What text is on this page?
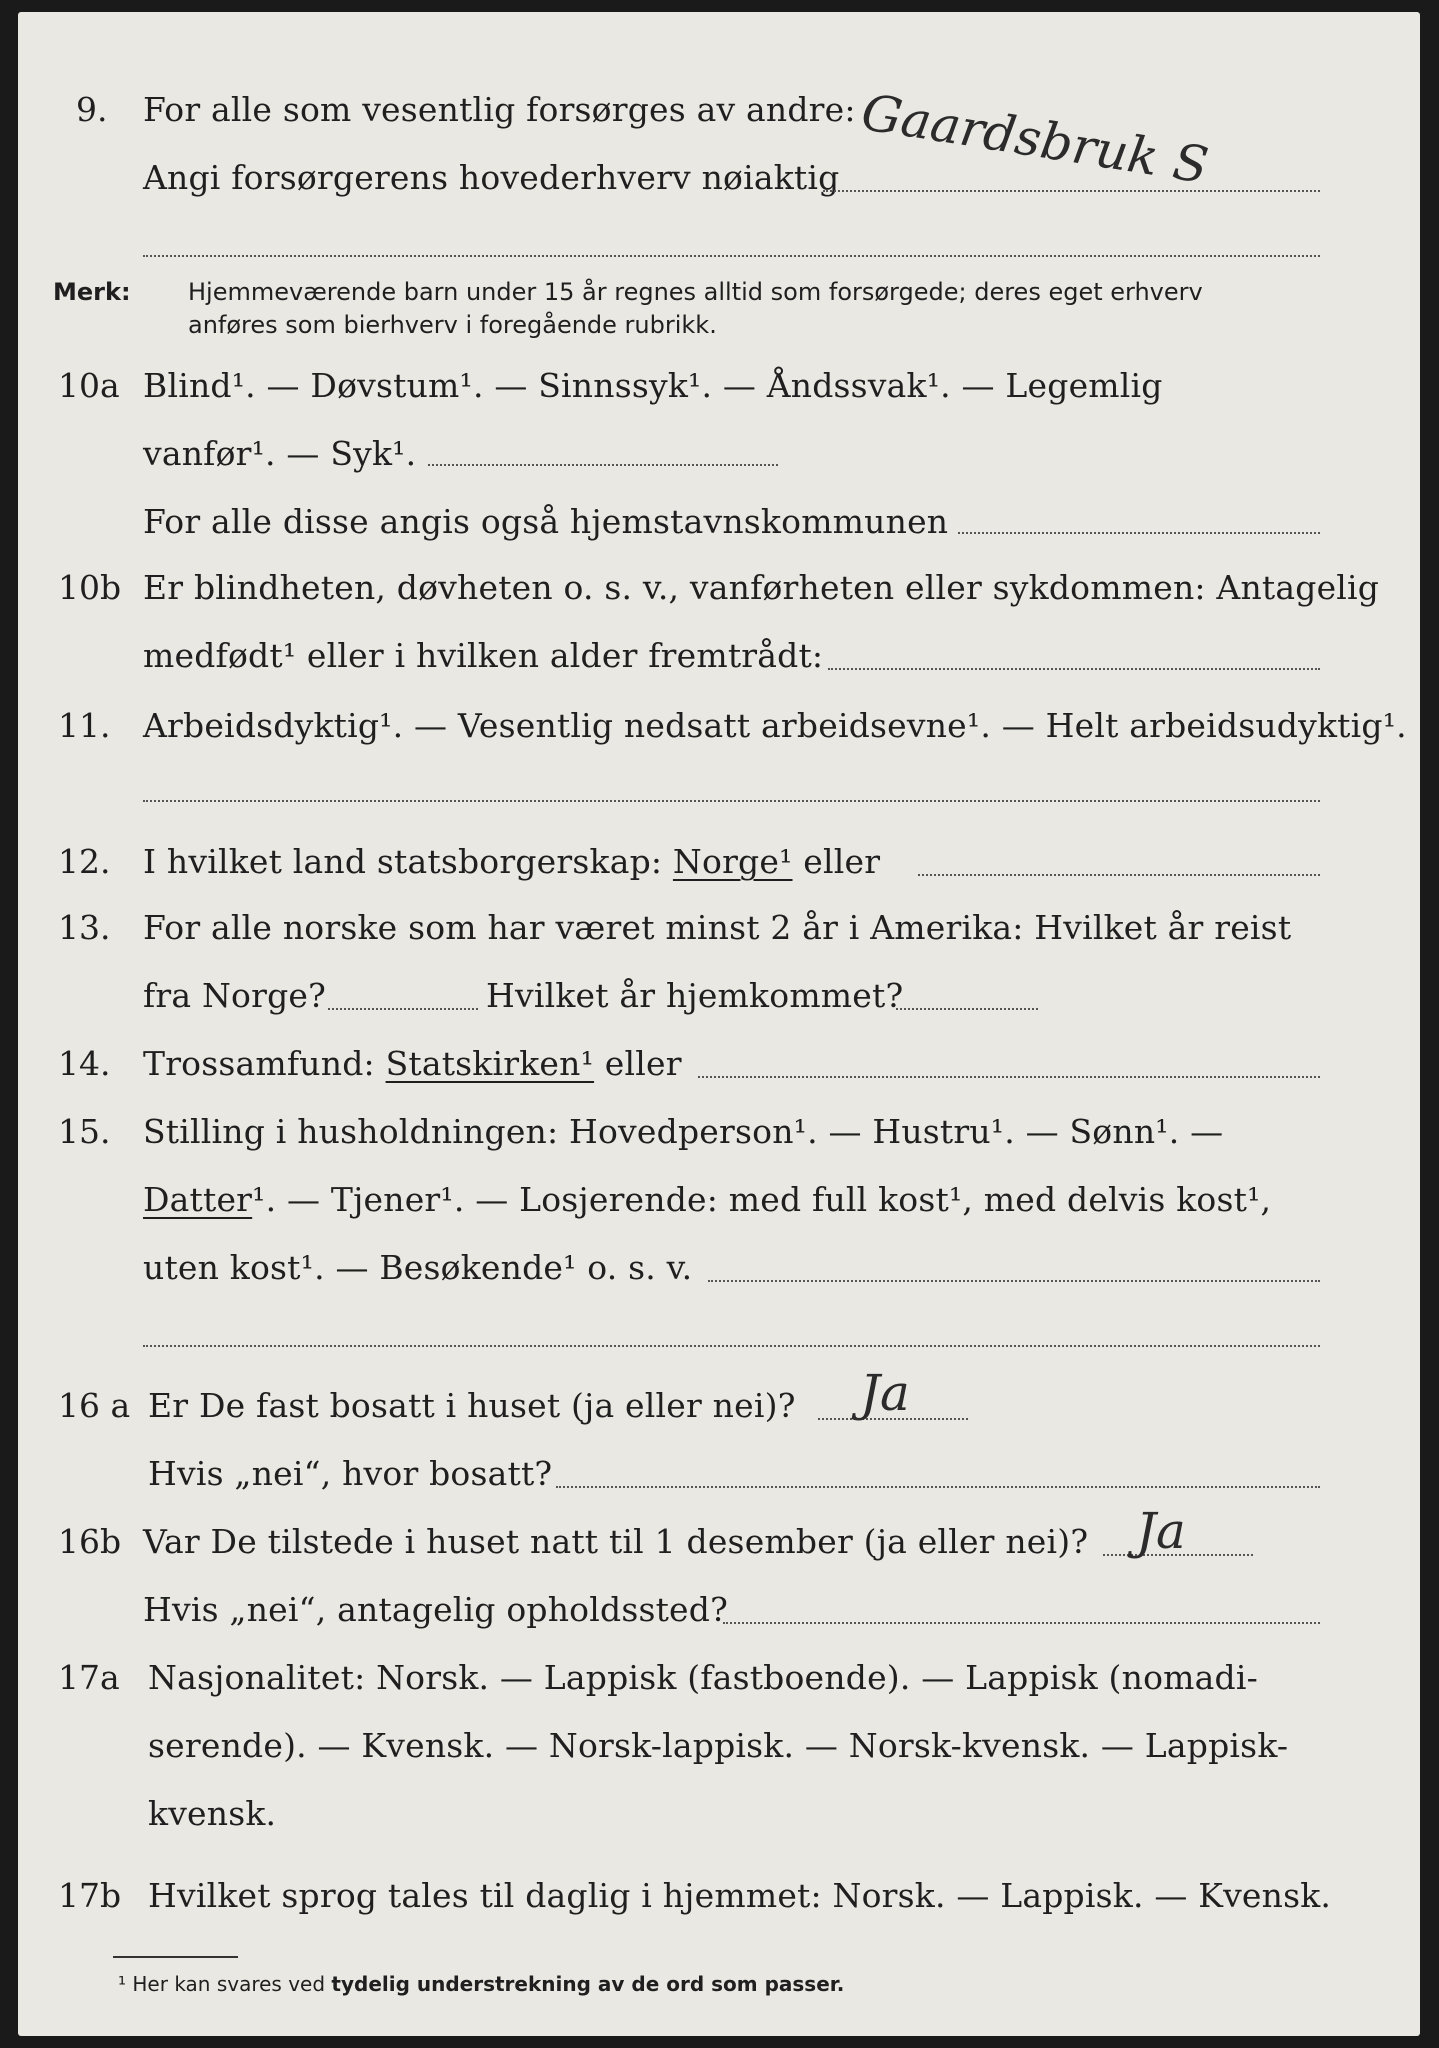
9. For alle som vesentlig forsørges av andre:
Angi forsørgerens hovederhverv nøiaktig Gaardsbruk S
Merk: Hjemmeværende barn under 15 år regnes alltid som forsørgede; deres eget erhverv
anføres som bierhverv i foregående rubrikk.
10a Blind¹. — Døvstum¹. — Sinnssyk¹. — Åndssvak¹. — Legemlig
vanfør¹. — Syk¹.
For alle disse angis også hjemstavnskommunen
10b Er blindheten, døvheten o. s. v., vanførheten eller sykdommen: Antagelig
medfødt¹ eller i hvilken alder fremtrådt:
11. Arbeidsdyktig¹. — Vesentlig nedsatt arbeidsevne¹. — Helt arbeidsudyktig¹.
12. I hvilket land statsborgerskap: Norge¹ eller
13. For alle norske som har været minst 2 år i Amerika: Hvilket år reist
fra Norge?	Hvilket år hjemkommet?
14. Trossamfund: Statskirken¹ eller
15. Stilling i husholdningen: Hovedperson¹. — Hustru¹. — Sønn¹. —
Datter¹. — Tjener¹. — Losjerende: med full kost¹, med delvis kost¹,
uten kost¹. — Besøkende¹ o. s. v.
16 a Er De fast bosatt i huset (ja eller nei)? Ja
Hvis „nei“, hvor bosatt?
16b Var De tilstede i huset natt til 1 desember (ja eller nei)? Ja
Hvis „nei“, antagelig opholdssted?
17a Nasjonalitet: Norsk. — Lappisk (fastboende). — Lappisk (nomadi-
serende). — Kvensk. — Norsk-lappisk. — Norsk-kvensk. — Lappisk-
kvensk.
17b Hvilket sprog tales til daglig i hjemmet: Norsk. — Lappisk. — Kvensk.
¹ Her kan svares ved tydelig understrekning av de ord som passer.
